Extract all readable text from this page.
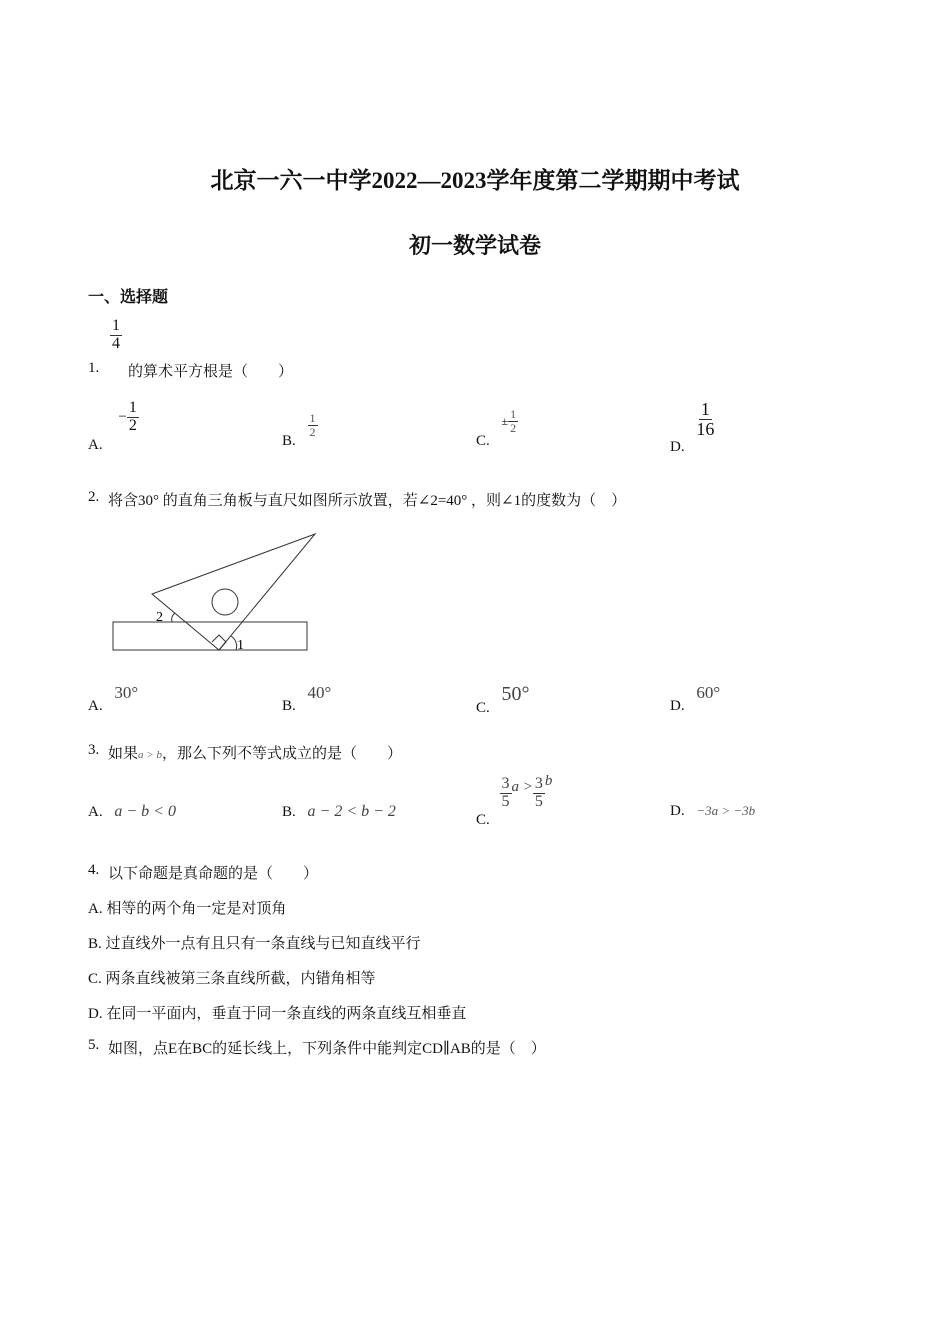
北京一六一中学2022—2023学年度第二学期期中考试
初一数学试卷
一、选择题
1.
$\frac{1}{4}$
的算术平方根是（　　）
A. − $\frac{1}{2}$
B.
$\frac{1}{2}$
C. ± $\frac{1}{2}$
D.
$\frac{1}{16}$
2. 将含30° 的直角三角板与直尺如图所示放置，若∠2=40° ，则∠1的度数为（　）
2
1
A. 30°
B. 40°
C. 50°
D. 60°
3. 如果a > b，那么下列不等式成立的是（　　）
A. a − b < 0	B. a − 2 < b − 2	C.
$\frac{3}{5}$ $a > \frac{3}{5}$ b
D. −3a > −3b
4. 以下命题是真命题的是（　　）
A. 相等的两个角一定是对顶角
B. 过直线外一点有且只有一条直线与已知直线平行
C. 两条直线被第三条直线所截，内错角相等
D. 在同一平面内，垂直于同一条直线的两条直线互相垂直
5. 如图，点E在BC的延长线上，下列条件中能判定CD∥AB的是（　）
